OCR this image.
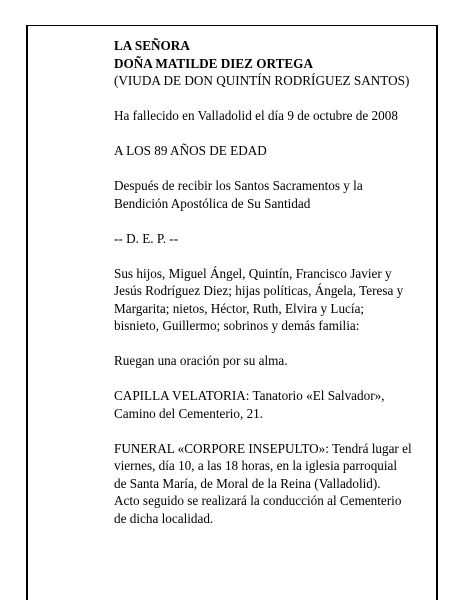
LA SEÑORA
DOÑA MATILDE DIEZ ORTEGA
(VIUDA DE DON QUINTÍN RODRÍGUEZ SANTOS)
Ha fallecido en Valladolid el día 9 de octubre de 2008
A LOS 89 AÑOS DE EDAD
Después de recibir los Santos Sacramentos y la
Bendición Apostólica de Su Santidad
-- D. E. P. --
Sus hijos, Miguel Ángel, Quintín, Francisco Javier y
Jesús Rodríguez Diez; hijas políticas, Ángela, Teresa y
Margarita; nietos, Héctor, Ruth, Elvira y Lucía;
bisnieto, Guillermo; sobrinos y demás familia:
Ruegan una oración por su alma.
CAPILLA VELATORIA: Tanatorio «El Salvador»,
Camino del Cementerio, 21.
FUNERAL «CORPORE INSEPULTO»: Tendrá lugar el
viernes, día 10, a las 18 horas, en la iglesia parroquial
de Santa María, de Moral de la Reina (Valladolid).
Acto seguido se realizará la conducción al Cementerio
de dicha localidad.
